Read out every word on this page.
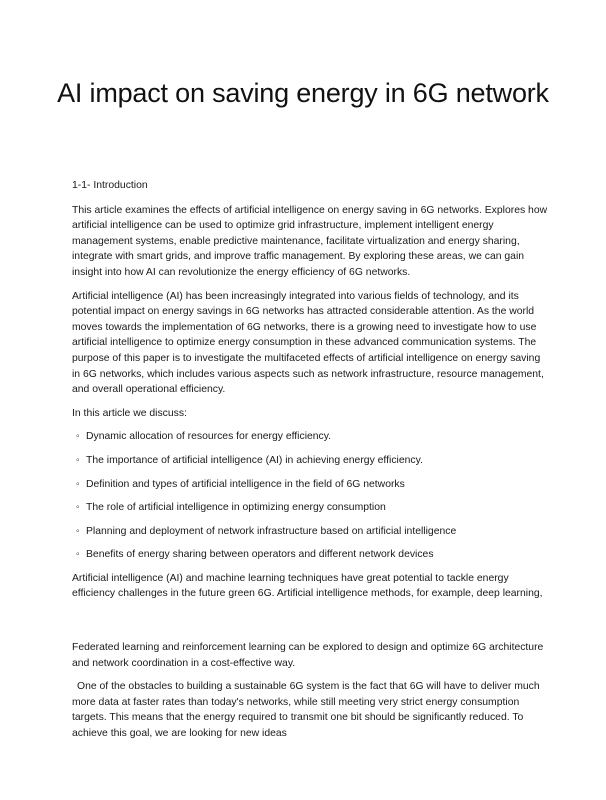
AI impact on saving energy in 6G network
1-1- Introduction

This article examines the effects of artificial intelligence on energy saving in 6G networks. Explores how artificial intelligence can be used to optimize grid infrastructure, implement intelligent energy management systems, enable predictive maintenance, facilitate virtualization and energy sharing, integrate with smart grids, and improve traffic management. By exploring these areas, we can gain insight into how AI can revolutionize the energy efficiency of 6G networks.

Artificial intelligence (AI) has been increasingly integrated into various fields of technology, and its potential impact on energy savings in 6G networks has attracted considerable attention. As the world moves towards the implementation of 6G networks, there is a growing need to investigate how to use artificial intelligence to optimize energy consumption in these advanced communication systems. The purpose of this paper is to investigate the multifaceted effects of artificial intelligence on energy saving in 6G networks, which includes various aspects such as network infrastructure, resource management, and overall operational efficiency.

In this article we discuss:

◦ Dynamic allocation of resources for energy efficiency.
◦ The importance of artificial intelligence (AI) in achieving energy efficiency.
◦ Definition and types of artificial intelligence in the field of 6G networks
◦ The role of artificial intelligence in optimizing energy consumption
◦ Planning and deployment of network infrastructure based on artificial intelligence
◦ Benefits of energy sharing between operators and different network devices

Artificial intelligence (AI) and machine learning techniques have great potential to tackle energy efficiency challenges in the future green 6G. Artificial intelligence methods, for example, deep learning,

Federated learning and reinforcement learning can be explored to design and optimize 6G architecture and network coordination in a cost-effective way.

One of the obstacles to building a sustainable 6G system is the fact that 6G will have to deliver much more data at faster rates than today's networks, while still meeting very strict energy consumption targets. This means that the energy required to transmit one bit should be significantly reduced. To achieve this goal, we are looking for new ideas
